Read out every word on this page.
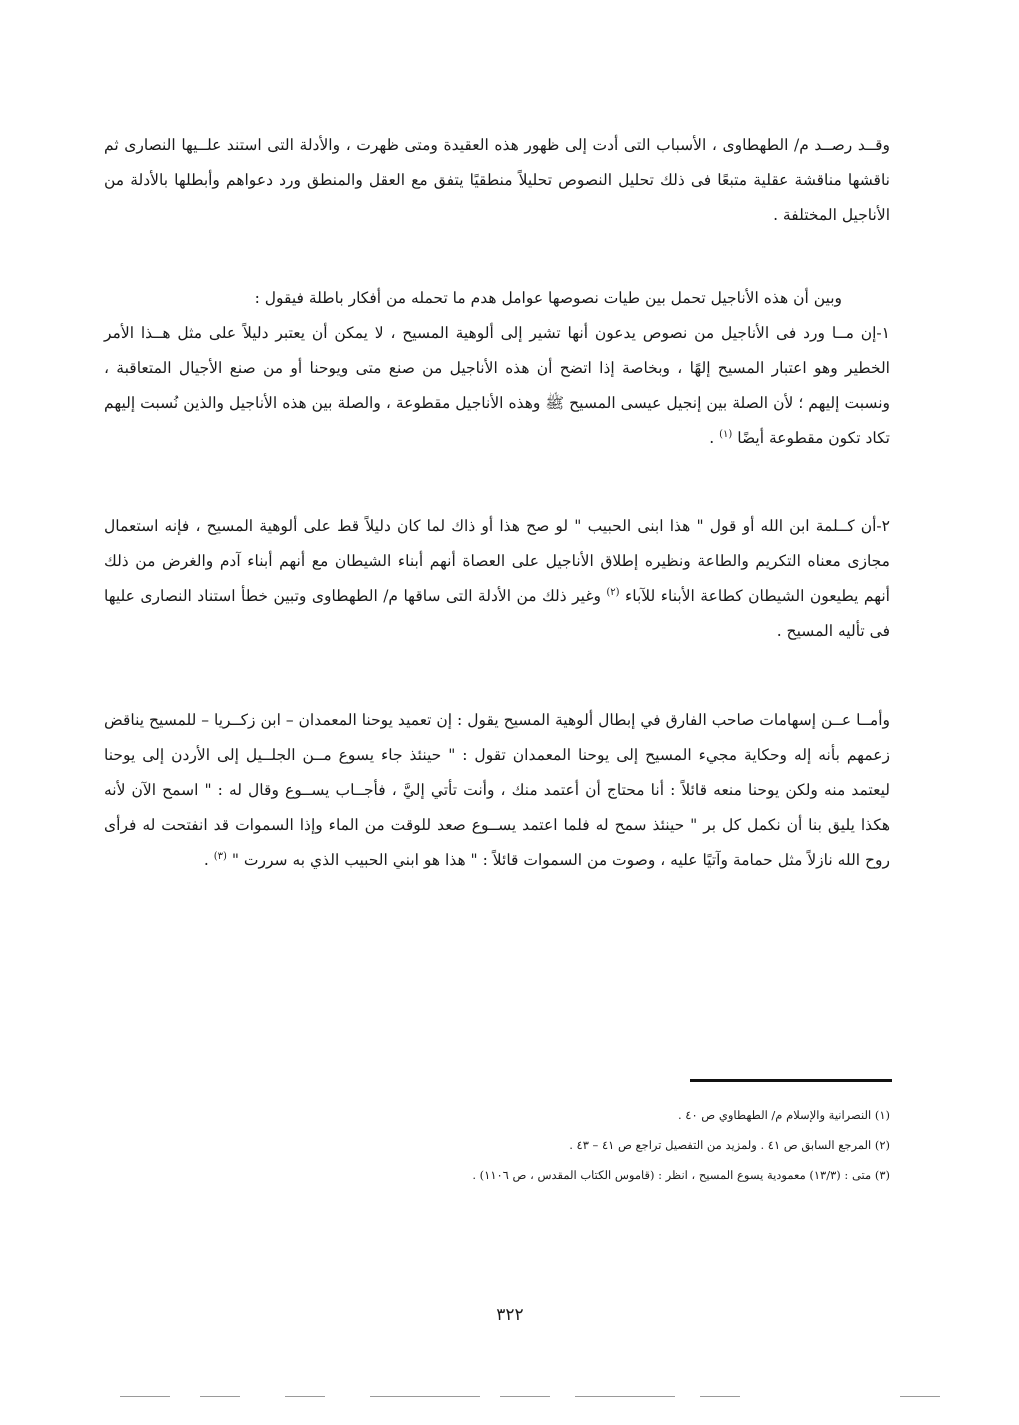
وقــد رصــد م/ الطهطاوى ، الأسباب التى أدت إلى ظهور هذه العقيدة ومتى ظهرت ، والأدلة التى استند علــيها النصارى ثم ناقشها مناقشة عقلية متبعًا فى ذلك تحليل النصوص تحليلاً منطقيًا يتفق مع العقل والمنطق ورد دعواهم وأبطلها بالأدلة من الأناجيل المختلفة .

وبين أن هذه الأناجيل تحمل بين طيات نصوصها عوامل هدم ما تحمله من أفكار باطلة فيقول :
١-إن مــا ورد فى الأناجيل من نصوص يدعون أنها تشير إلى ألوهية المسيح ، لا يمكن أن يعتبر دليلاً على مثل هــذا الأمر الخطير وهو اعتبار المسيح إلهًا ، وبخاصة إذا اتضح أن هذه الأناجيل من صنع متى ويوحنا أو من صنع الأجيال المتعاقبة ، ونسبت إليهم ؛ لأن الصلة بين إنجيل عيسى المسيح ﷺ وهذه الأناجيل مقطوعة ، والصلة بين هذه الأناجيل والذين نُسبت إليهم تكاد تكون مقطوعة أيضًا $^{(١)}$ .

٢-أن كــلمة ابن الله أو قول " هذا ابنى الحبيب " لو صح هذا أو ذاك لما كان دليلاً قط على ألوهية المسيح ، فإنه استعمال مجازى معناه التكريم والطاعة ونظيره إطلاق الأناجيل على العصاة أنهم أبناء الشيطان مع أنهم أبناء آدم والغرض من ذلك أنهم يطيعون الشيطان كطاعة الأبناء للآباء $^{(٢)}$ وغير ذلك من الأدلة التى ساقها م/ الطهطاوى وتبين خطأ استناد النصارى عليها فى تأليه المسيح .

وأمــا عــن إسهامات صاحب الفارق في إبطال ألوهية المسيح يقول : إن تعميد يوحنا المعمدان – ابن زكــريا – للمسيح يناقض زعمهم بأنه إله وحكاية مجيء المسيح إلى يوحنا المعمدان تقول : " حينئذ جاء يسوع مــن الجلــيل إلى الأردن إلى يوحنا ليعتمد منه ولكن يوحنا منعه قائلاً : أنا محتاج أن أعتمد منك ، وأنت تأتي إليَّ ، فأجــاب يســوع وقال له : " اسمح الآن لأنه هكذا يليق بنا أن نكمل كل بر " حينئذ سمح له فلما اعتمد يســوع صعد للوقت من الماء وإذا السموات قد انفتحت له فرأى روح الله نازلاً مثل حمامة وآتيًا عليه ، وصوت من السموات قائلاً : " هذا هو ابني الحبيب الذي به سررت " $^{(٣)}$ .

(١) النصرانية والإسلام م/ الطهطاوي ص ٤٠ .
(٢) المرجع السابق ص ٤١ . ولمزيد من التفصيل تراجع ص ٤١ – ٤٣ .
(٣) متى : (١٣/٣) معمودية يسوع المسيح ، انظر : (قاموس الكتاب المقدس ، ص ١١٠٦) .
٣٢٢
